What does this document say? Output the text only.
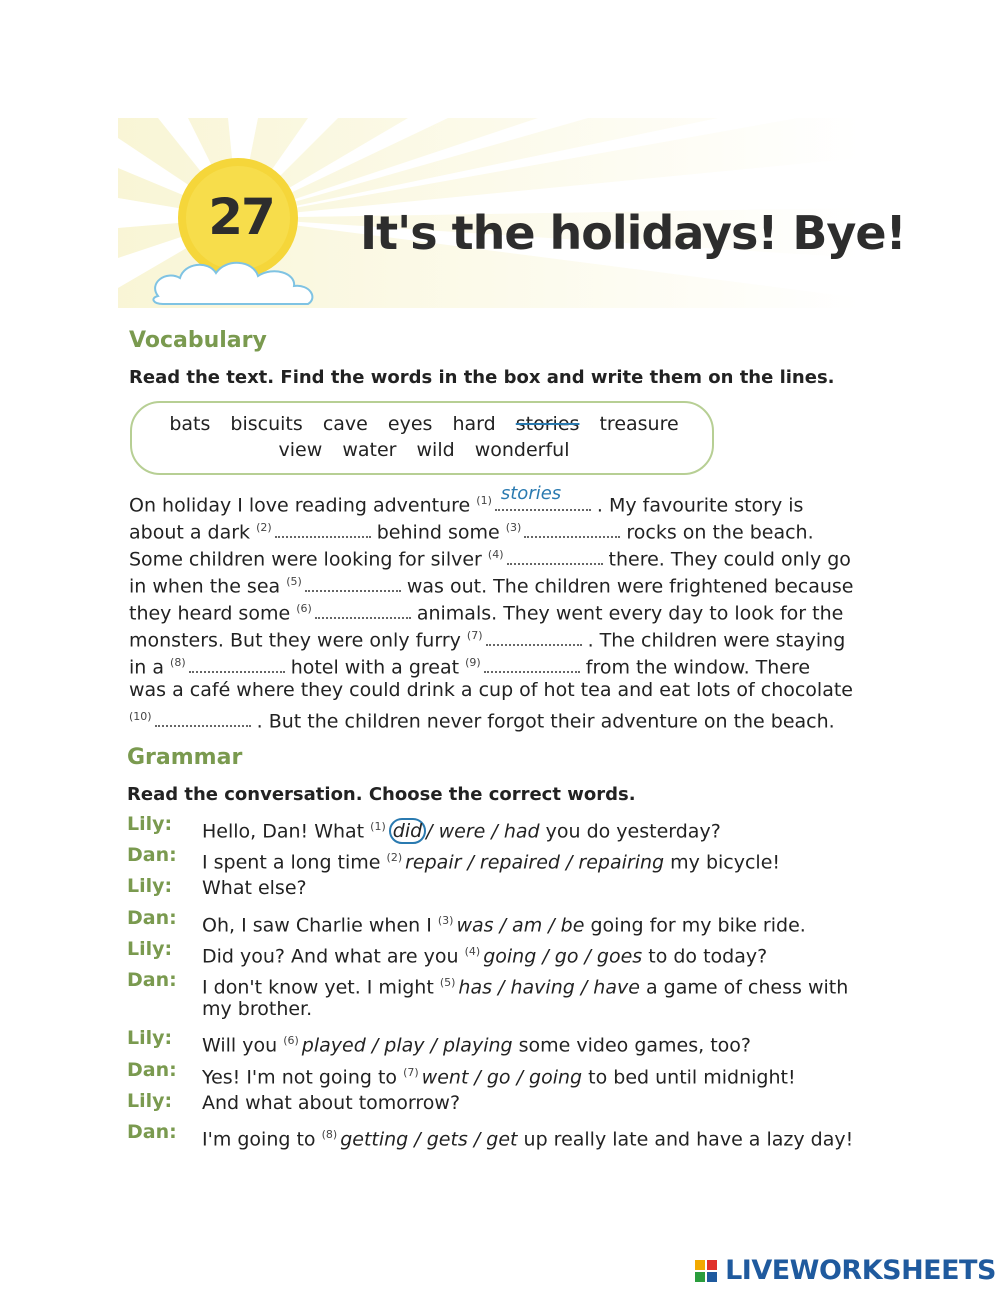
27 It's the holidays! Bye!
Vocabulary
Read the text. Find the words in the box and write them on the lines.
bats biscuits cave eyes hard stories treasure
view water wild wonderful
On holiday I love reading adventure $^{(1)}$ stories
. My favourite story is
about a dark $^{(2)}$	behind some $^{(3)}$	rocks on the beach.
Some children were looking for silver $^{(4)}$	there. They could only go
in when the sea $^{(5)}$	was out. The children were frightened because
they heard some $^{(6)}$	animals. They went every day to look for the
monsters. But they were only furry $^{(7)}$	. The children were staying
in a $^{(8)}$	hotel with a great $^{(9)}$	from the window. There
was a café where they could drink a cup of hot tea and eat lots of chocolate
$^{(10)}$	. But the children never forgot their adventure on the beach.
Grammar
Read the conversation. Choose the correct words.
Lily: Hello, Dan! What $^{(1)}$ did / were / had you do yesterday?
Dan: I spent a long time $^{(2)}$ repair / repaired / repairing my bicycle!
Lily: What else?
Dan: Oh, I saw Charlie when I $^{(3)}$ was / am / be going for my bike ride.
Lily: Did you? And what are you $^{(4)}$ going / go / goes to do today?
Dan: I don't know yet. I might $^{(5)}$ has / having / have a game of chess with
my brother.
Lily: Will you $^{(6)}$ played / play / playing some video games, too?
Dan: Yes! I'm not going to $^{(7)}$ went / go / going to bed until midnight!
Lily: And what about tomorrow?
Dan: I'm going to $^{(8)}$ getting / gets / get up really late and have a lazy day!

LIVEWORKSHEETS
